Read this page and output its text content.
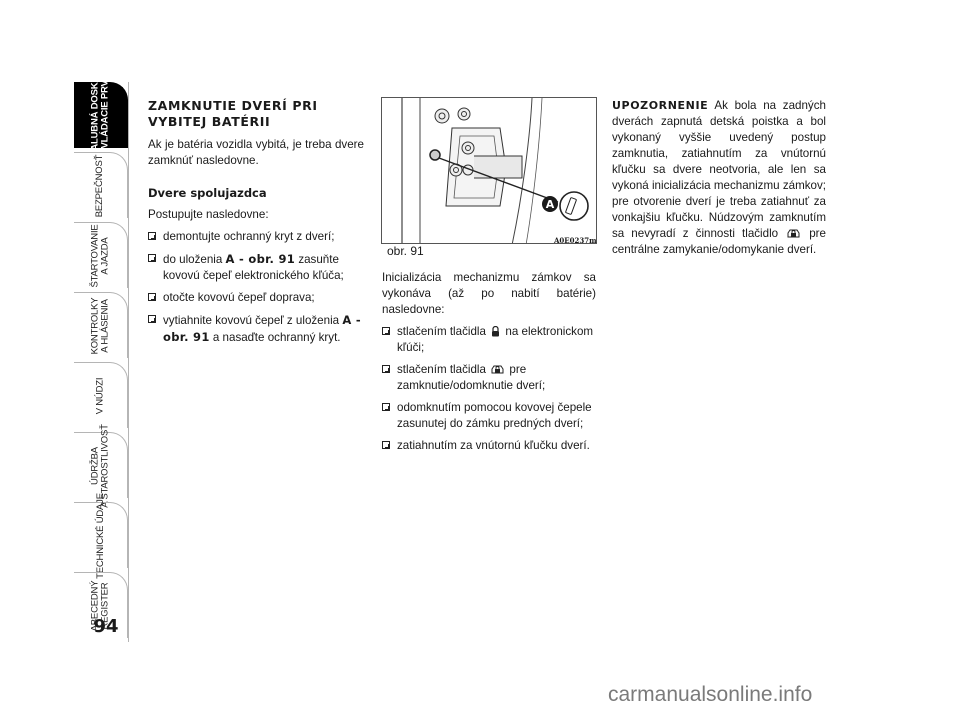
PALUBNÁ DOSKA
A OVLÁDACIE PRVKY
BEZPEČNOSŤ
ŠTARTOVANIE
A JAZDA
KONTROLKY
A HLÁSENIA
V NÚDZI
ÚDRŽBA
A STAROSTLIVOSŤ
TECHNICKÉ ÚDAJE
ABECEDNÝ
REGISTER
94
ZAMKNUTIE DVERÍ PRI VYBITEJ BATÉRII

Ak je batéria vozidla vybitá, je treba dvere zamknúť nasledovne.

Dvere spolujazdca

Postupujte nasledovne:

demontujte ochranný kryt z dverí;
do uloženia A - obr. 91 zasuňte kovovú čepeľ elektronického kľúča;
otočte kovovú čepeľ doprava;
vytiahnite kovovú čepeľ z uloženia A - obr. 91 a nasaďte ochranný kryt.
A
A0E0237m
obr. 91

Inicializácia mechanizmu zámkov sa vykonáva (až po nabití batérie) nasledovne:

stlačením tlačidla na elektronickom kľúči;
stlačením tlačidla pre zamknutie/odomknutie dverí;
odomknutím pomocou kovovej čepele zasunutej do zámku predných dverí;
zatiahnutím za vnútornú kľučku dverí.

UPOZORNENIE Ak bola na zadných dverách zapnutá detská poistka a bol vykonaný vyššie uvedený postup zamknutia, zatiahnutím za vnútornú kľučku sa dvere neotvoria, ale len sa vykoná inicializácia mechanizmu zámkov; pre otvorenie dverí je treba zatiahnuť za vonkajšiu kľučku. Núdzovým zamknutím sa nevyradí z činnosti tlačidlo	pre centrálne zamykanie/odomykanie dverí.

carmanualsonline.info
